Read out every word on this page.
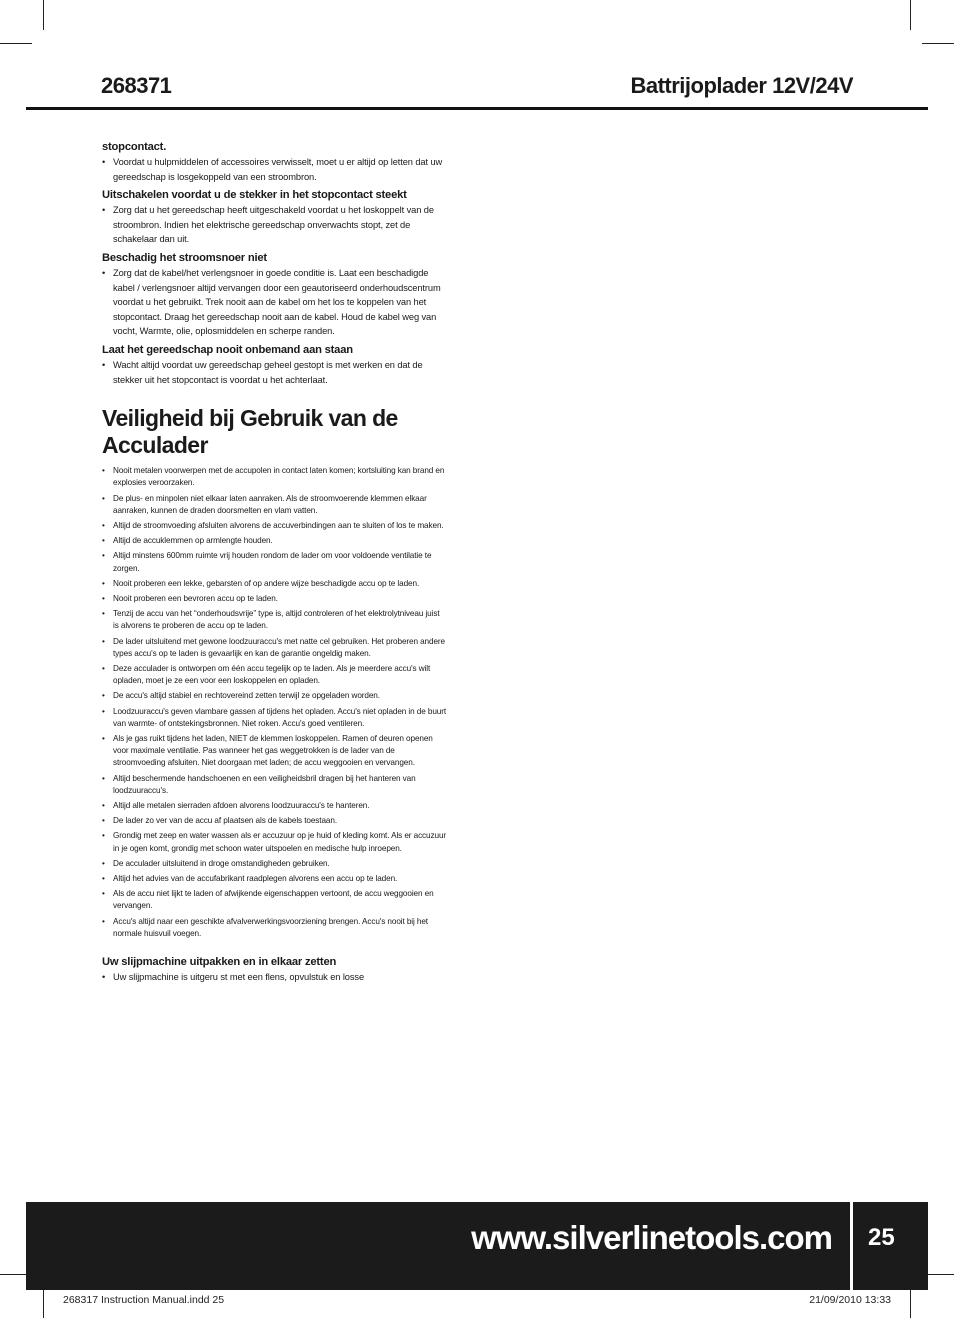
268371	Battrijoplader 12V/24V
stopcontact.
• Voordat u hulpmiddelen of accessoires verwisselt, moet u er altijd op letten dat uw gereedschap is losgekoppeld van een stroombron.
Uitschakelen voordat u de stekker in het stopcontact steekt
• Zorg dat u het gereedschap heeft uitgeschakeld voordat u het loskoppelt van de stroombron. Indien het elektrische gereedschap onverwachts stopt, zet de schakelaar dan uit.
Beschadig het stroomsnoer niet
• Zorg dat de kabel/het verlengsnoer in goede conditie is. Laat een beschadigde kabel / verlengsnoer altijd vervangen door een geautoriseerd onderhoudscentrum voordat u het gebruikt. Trek nooit aan de kabel om het los te koppelen van het stopcontact. Draag het gereedschap nooit aan de kabel. Houd de kabel weg van vocht, Warmte, olie, oplosmiddelen en scherpe randen.
Laat het gereedschap nooit onbemand aan staan
• Wacht altijd voordat uw gereedschap geheel gestopt is met werken en dat de stekker uit het stopcontact is voordat u het achterlaat.
Veiligheid bij Gebruik van de Acculader
• Nooit metalen voorwerpen met de accupolen in contact laten komen; kortsluiting kan brand en explosies veroorzaken.
• De plus- en minpolen niet elkaar laten aanraken. Als de stroomvoerende klemmen elkaar aanraken, kunnen de draden doorsmelten en vlam vatten.
• Altijd de stroomvoeding afsluiten alvorens de accuverbindingen aan te sluiten of los te maken.
• Altijd de accuklemmen op armlengte houden.
• Altijd minstens 600mm ruimte vrij houden rondom de lader om voor voldoende ventilatie te zorgen.
• Nooit proberen een lekke, gebarsten of op andere wijze beschadigde accu op te laden.
• Nooit proberen een bevroren accu op te laden.
• Tenzij de accu van het “onderhoudsvrije” type is, altijd controleren of het elektrolytniveau juist is alvorens te proberen de accu op te laden.
• De lader uitsluitend met gewone loodzuuraccu's met natte cel gebruiken. Het proberen andere types accu's op te laden is gevaarlijk en kan de garantie ongeldig maken.
• Deze acculader is ontworpen om één accu tegelijk op te laden. Als je meerdere accu's wilt opladen, moet je ze een voor een loskoppelen en opladen.
• De accu's altijd stabiel en rechtovereind zetten terwijl ze opgeladen worden.
• Loodzuuraccu's geven vlambare gassen af tijdens het opladen. Accu's niet opladen in de buurt van warmte- of ontstekingsbronnen. Niet roken. Accu's goed ventileren.
• Als je gas ruikt tijdens het laden, NIET de klemmen loskoppelen. Ramen of deuren openen voor maximale ventilatie. Pas wanneer het gas weggetrokken is de lader van de stroomvoeding afsluiten. Niet doorgaan met laden; de accu weggooien en vervangen.
• Altijd beschermende handschoenen en een veiligheidsbril dragen bij het hanteren van loodzuuraccu's.
• Altijd alle metalen sierraden afdoen alvorens loodzuuraccu's te hanteren.
• De lader zo ver van de accu af plaatsen als de kabels toestaan.
• Grondig met zeep en water wassen als er accuzuur op je huid of kleding komt. Als er accuzuur in je ogen komt, grondig met schoon water uitspoelen en medische hulp inroepen.
• De acculader uitsluitend in droge omstandigheden gebruiken.
• Altijd het advies van de accufabrikant raadplegen alvorens een accu op te laden.
• Als de accu niet lijkt te laden of afwijkende eigenschappen vertoont, de accu weggooien en vervangen.
• Accu's altijd naar een geschikte afvalverwerkingsvoorziening brengen. Accu's nooit bij het normale huisvuil voegen.
Uw slijpmachine uitpakken en in elkaar zetten
• Uw slijpmachine is uitgeru st met een flens, opvulstuk en losse
www.silverlinetools.com 25
268317 Instruction Manual.indd 25	21/09/2010 13:33
